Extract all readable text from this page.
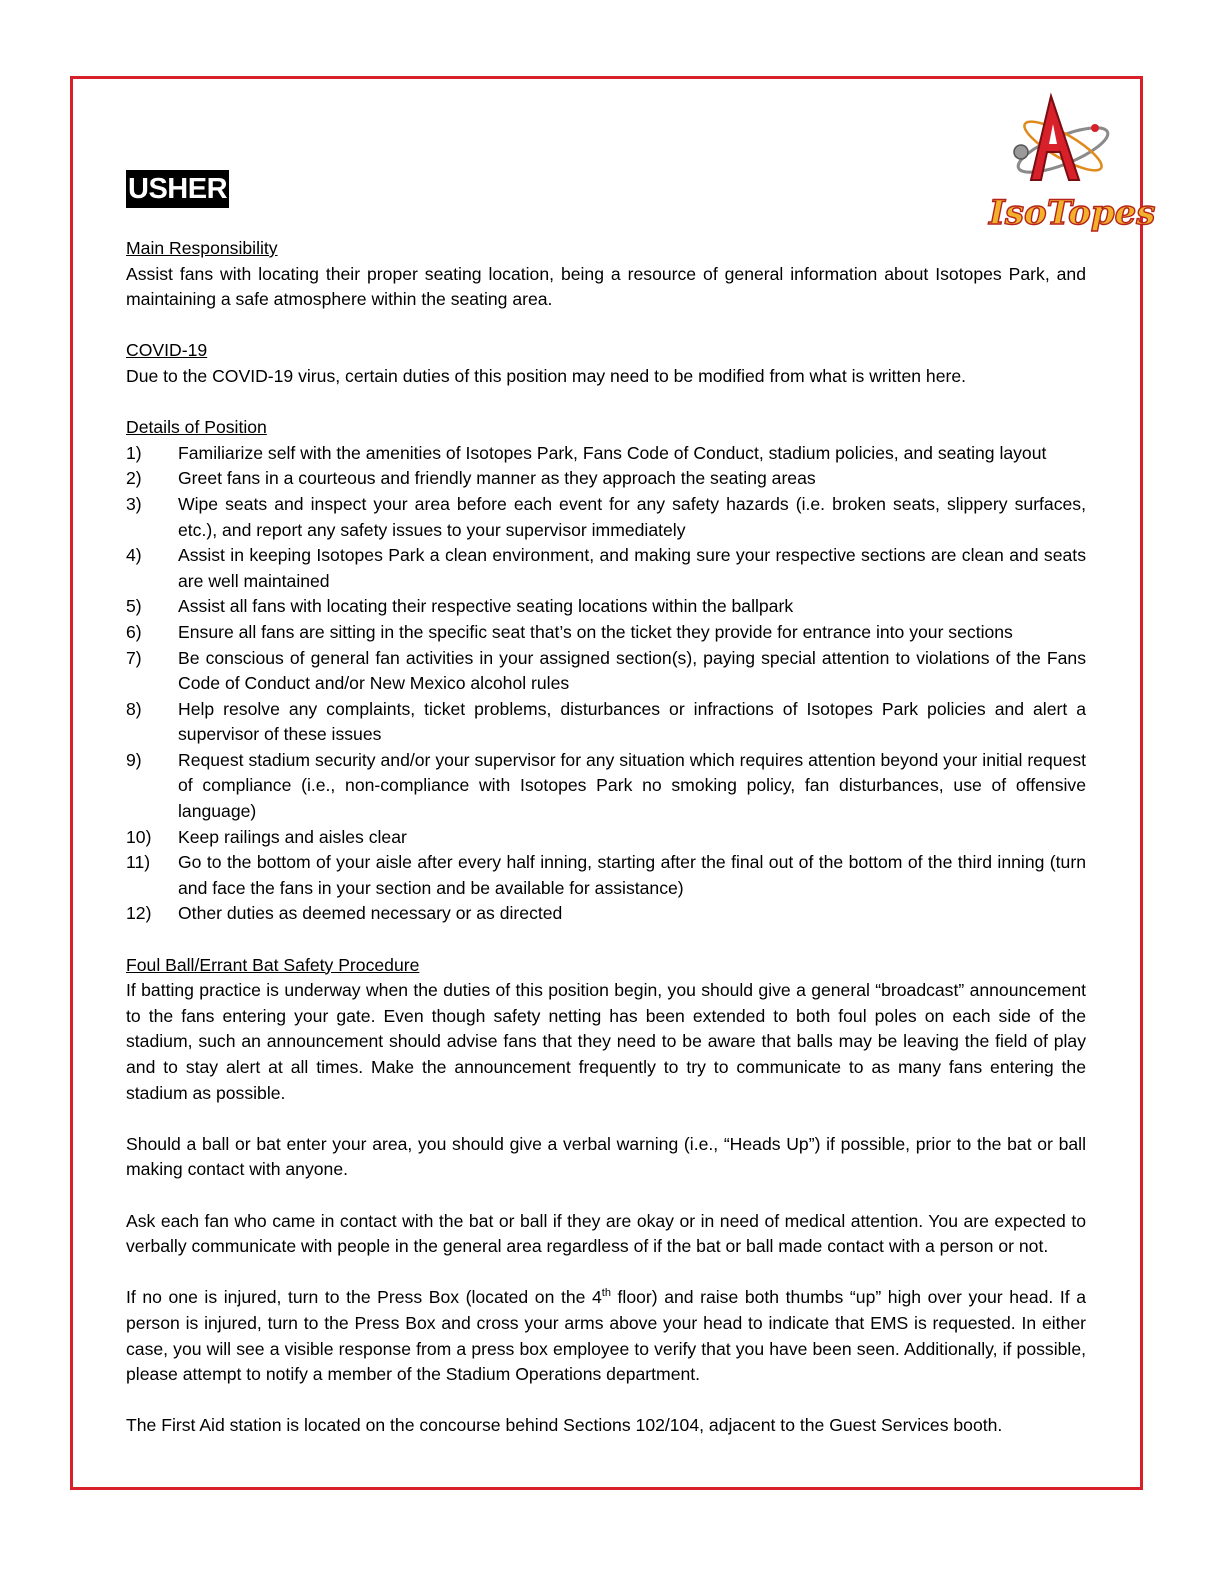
IsoTopes
USHER
Main Responsibility
Assist fans with locating their proper seating location, being a resource of general information about Isotopes Park, and maintaining a safe atmosphere within the seating area.
COVID-19
Due to the COVID-19 virus, certain duties of this position may need to be modified from what is written here.
Details of Position
1)	Familiarize self with the amenities of Isotopes Park, Fans Code of Conduct, stadium policies, and seating layout
2)	Greet fans in a courteous and friendly manner as they approach the seating areas
3)	Wipe seats and inspect your area before each event for any safety hazards (i.e. broken seats, slippery surfaces, etc.), and report any safety issues to your supervisor immediately
4)	Assist in keeping Isotopes Park a clean environment, and making sure your respective sections are clean and seats are well maintained
5)	Assist all fans with locating their respective seating locations within the ballpark
6)	Ensure all fans are sitting in the specific seat that’s on the ticket they provide for entrance into your sections
7)	Be conscious of general fan activities in your assigned section(s), paying special attention to violations of the Fans Code of Conduct and/or New Mexico alcohol rules
8)	Help resolve any complaints, ticket problems, disturbances or infractions of Isotopes Park policies and alert a supervisor of these issues
9)	Request stadium security and/or your supervisor for any situation which requires attention beyond your initial request of compliance (i.e., non-compliance with Isotopes Park no smoking policy, fan disturbances, use of offensive language)
10)	Keep railings and aisles clear
11)	Go to the bottom of your aisle after every half inning, starting after the final out of the bottom of the third inning (turn and face the fans in your section and be available for assistance)
12)	Other duties as deemed necessary or as directed
Foul Ball/Errant Bat Safety Procedure
If batting practice is underway when the duties of this position begin, you should give a general “broadcast” announcement to the fans entering your gate. Even though safety netting has been extended to both foul poles on each side of the stadium, such an announcement should advise fans that they need to be aware that balls may be leaving the field of play and to stay alert at all times. Make the announcement frequently to try to communicate to as many fans entering the stadium as possible.
Should a ball or bat enter your area, you should give a verbal warning (i.e., “Heads Up”) if possible, prior to the bat or ball making contact with anyone.
Ask each fan who came in contact with the bat or ball if they are okay or in need of medical attention. You are expected to verbally communicate with people in the general area regardless of if the bat or ball made contact with a person or not.
If no one is injured, turn to the Press Box (located on the 4th floor) and raise both thumbs “up” high over your head. If a person is injured, turn to the Press Box and cross your arms above your head to indicate that EMS is requested. In either case, you will see a visible response from a press box employee to verify that you have been seen. Additionally, if possible, please attempt to notify a member of the Stadium Operations department.
The First Aid station is located on the concourse behind Sections 102/104, adjacent to the Guest Services booth.
